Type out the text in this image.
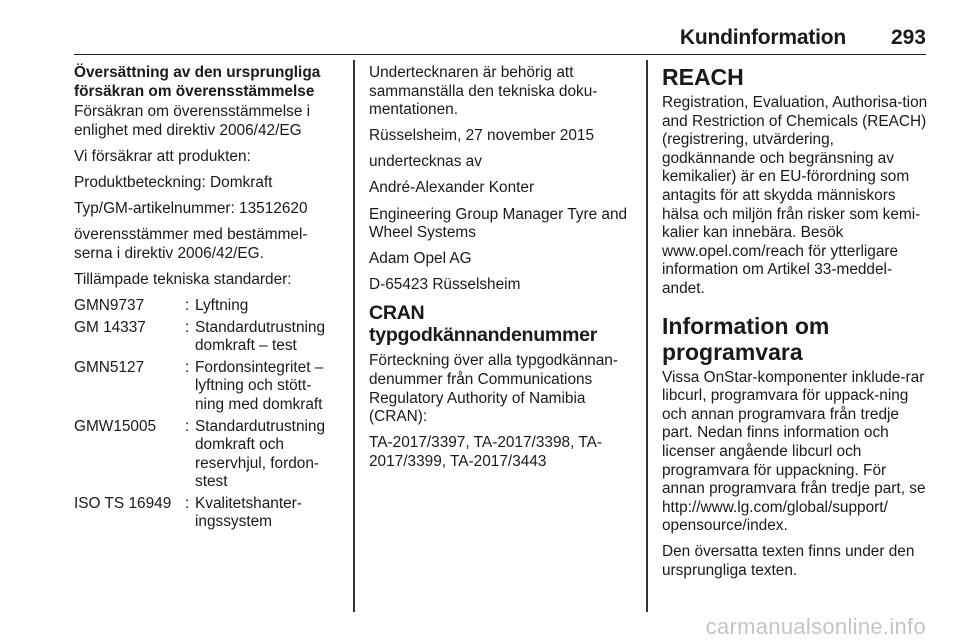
Kundinformation 293

Översättning av den ursprungliga försäkran om överensstämmelse

Försäkran om överensstämmelse i enlighet med direktiv 2006/42/EG

Vi försäkrar att produkten:

Produktbeteckning: Domkraft

Typ/GM-artikelnummer: 13512620

överensstämmer med bestämmel-serna i direktiv 2006/42/EG.

Tillämpade tekniska standarder:

GMN9737	:	Lyftning
GM 14337	:	Standardutrustning domkraft – test
GMN5127	:	Fordonsintegritet – lyftning och stött-ning med domkraft
GMW15005	:	Standardutrustning domkraft och reservhjul, fordon-stest
ISO TS 16949	:	Kvalitetshanter-ingssystem

Undertecknaren är behörig att sammanställa den tekniska doku-mentationen.

Rüsselsheim, 27 november 2015

undertecknas av

André-Alexander Konter

Engineering Group Manager Tyre and Wheel Systems

Adam Opel AG

D-65423 Rüsselsheim

CRAN typgodkännandenummer

Förteckning över alla typgodkännan-denummer från Communications Regulatory Authority of Namibia (CRAN):

TA-2017/3397, TA-2017/3398, TA-2017/3399, TA-2017/3443

REACH

Registration, Evaluation, Authorisa-tion and Restriction of Chemicals (REACH) (registrering, utvärdering, godkännande och begränsning av kemikalier) är en EU-förordning som antagits för att skydda människors hälsa och miljön från risker som kemi-kalier kan innebära. Besök www.opel.com/reach för ytterligare information om Artikel 33-meddel-andet.

Information om
programvara

Vissa OnStar-komponenter inklude-rar libcurl, programvara för uppack-ning och annan programvara från tredje part. Nedan finns information och licenser angående libcurl och programvara för uppackning. För annan programvara från tredje part, se http://www.lg.com/global/support/ opensource/index.

Den översatta texten finns under den ursprungliga texten.

carmanualsonline.info
